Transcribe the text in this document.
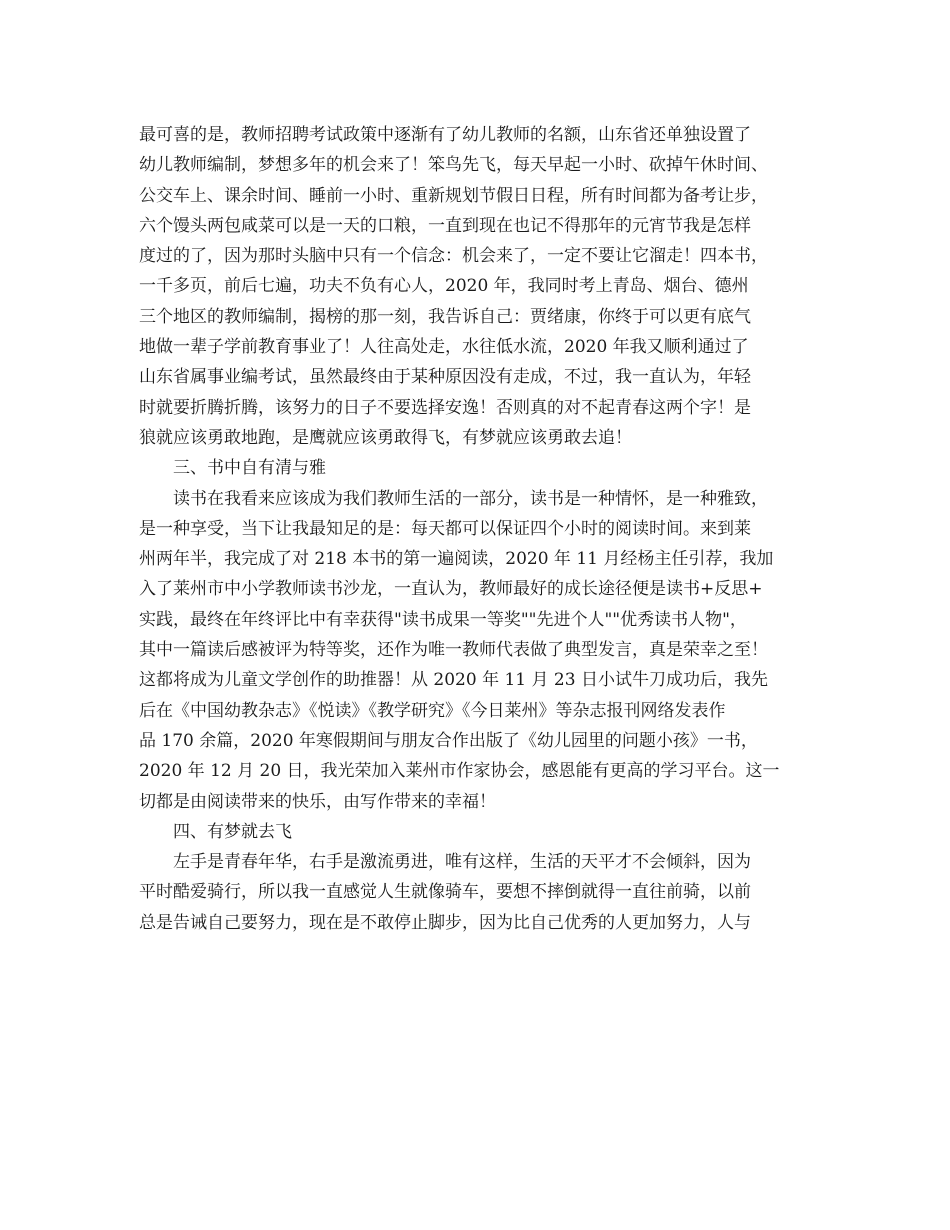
最可喜的是，教师招聘考试政策中逐渐有了幼儿教师的名额，山东省还单独设置了
幼儿教师编制，梦想多年的机会来了！笨鸟先飞，每天早起一小时、砍掉午休时间、
公交车上、课余时间、睡前一小时、重新规划节假日日程，所有时间都为备考让步，
六个馒头两包咸菜可以是一天的口粮，一直到现在也记不得那年的元宵节我是怎样
度过的了，因为那时头脑中只有一个信念：机会来了，一定不要让它溜走！四本书，
一千多页，前后七遍，功夫不负有心人，2020 年，我同时考上青岛、烟台、德州
三个地区的教师编制，揭榜的那一刻，我告诉自己：贾绪康，你终于可以更有底气
地做一辈子学前教育事业了！人往高处走，水往低水流，2020 年我又顺利通过了
山东省属事业编考试，虽然最终由于某种原因没有走成，不过，我一直认为，年轻
时就要折腾折腾，该努力的日子不要选择安逸！否则真的对不起青春这两个字！是
狼就应该勇敢地跑，是鹰就应该勇敢得飞，有梦就应该勇敢去追！
三、书中自有清与雅
读书在我看来应该成为我们教师生活的一部分，读书是一种情怀，是一种雅致，
是一种享受，当下让我最知足的是：每天都可以保证四个小时的阅读时间。来到莱
州两年半，我完成了对 218 本书的第一遍阅读，2020 年 11 月经杨主任引荐，我加
入了莱州市中小学教师读书沙龙，一直认为，教师最好的成长途径便是读书+反思+
实践，最终在年终评比中有幸获得"读书成果一等奖""先进个人""优秀读书人物"，
其中一篇读后感被评为特等奖，还作为唯一教师代表做了典型发言，真是荣幸之至！
这都将成为儿童文学创作的助推器！从 2020 年 11 月 23 日小试牛刀成功后，我先
后在《中国幼教杂志》《悦读》《教学研究》《今日莱州》等杂志报刊网络发表作
品 170 余篇，2020 年寒假期间与朋友合作出版了《幼儿园里的问题小孩》一书，
2020 年 12 月 20 日，我光荣加入莱州市作家协会，感恩能有更高的学习平台。这一
切都是由阅读带来的快乐，由写作带来的幸福！
四、有梦就去飞
左手是青春年华，右手是激流勇进，唯有这样，生活的天平才不会倾斜，因为
平时酷爱骑行，所以我一直感觉人生就像骑车，要想不摔倒就得一直往前骑，以前
总是告诫自己要努力，现在是不敢停止脚步，因为比自己优秀的人更加努力，人与
